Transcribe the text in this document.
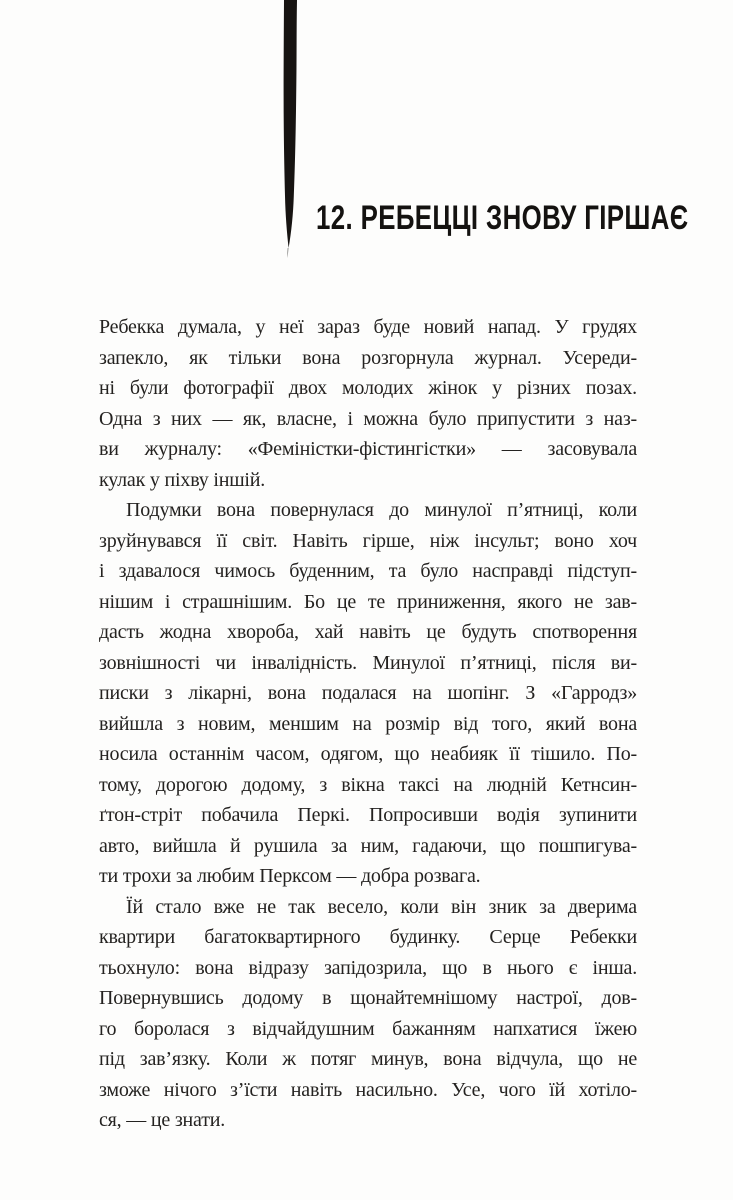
12. РЕБЕЦЦІ ЗНОВУ ГІРШАЄ
Ребекка думала, у неї зараз буде новий напад. У грудях
запекло, як тільки вона розгорнула журнал. Усереди-
ні були фотографії двох молодих жінок у різних позах.
Одна з них — як, власне, і можна було припустити з наз-
ви журналу: «Феміністки-фістингістки» — засовувала
кулак у піхву іншій.
Подумки вона повернулася до минулої п’ятниці, коли
зруйнувався її світ. Навіть гірше, ніж інсульт; воно хоч
і здавалося чимось буденним, та було насправді підступ-
нішим і страшнішим. Бо це те приниження, якого не зав-
дасть жодна хвороба, хай навіть це будуть спотворення
зовнішності чи інвалідність. Минулої п’ятниці, після ви-
писки з лікарні, вона подалася на шопінг. З «Гарродз»
вийшла з новим, меншим на розмір від того, який вона
носила останнім часом, одягом, що неабияк її тішило. По-
тому, дорогою додому, з вікна таксі на людній Кетнсин-
ґтон-стріт побачила Перкі. Попросивши водія зупинити
авто, вийшла й рушила за ним, гадаючи, що пошпигува-
ти трохи за любим Перксом — добра розвага.
Їй стало вже не так весело, коли він зник за дверима
квартири багатоквартирного будинку. Серце Ребекки
тьохнуло: вона відразу запідозрила, що в нього є інша.
Повернувшись додому в щонайтемнішому настрої, дов-
го боролася з відчайдушним бажанням напхатися їжею
під зав’язку. Коли ж потяг минув, вона відчула, що не
зможе нічого з’їсти навіть насильно. Усе, чого їй хотіло-
ся, — це знати.
